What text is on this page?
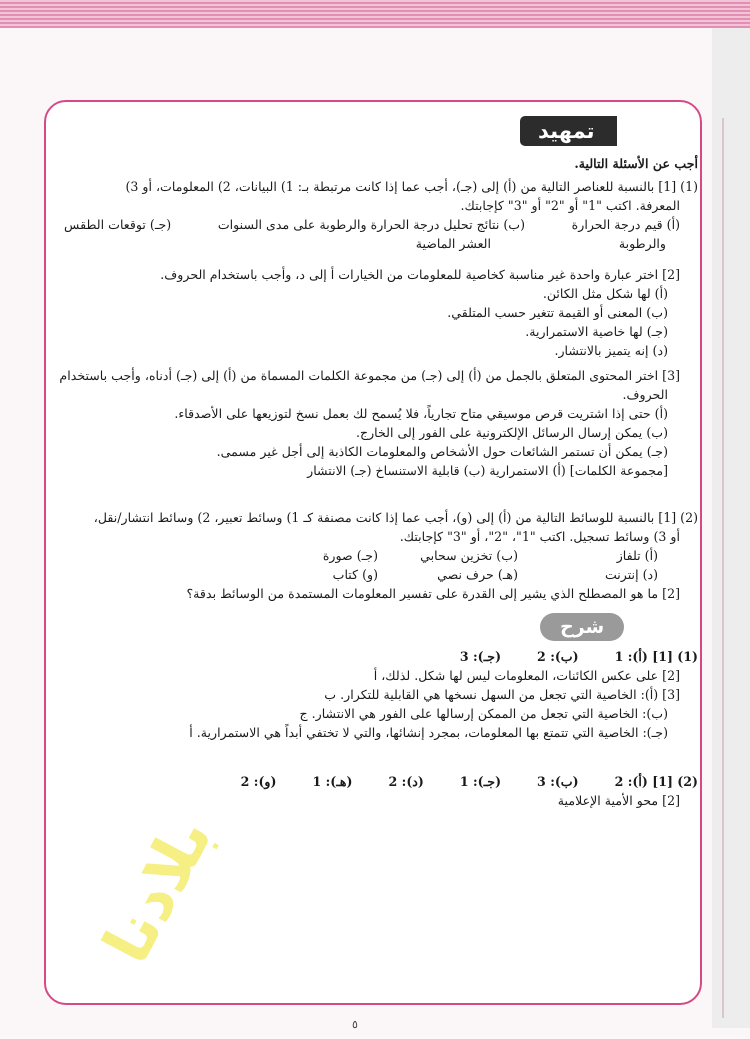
تمهيد

أجب عن الأسئلة التالية.

(1) [1] بالنسبة للعناصر التالية من (أ) إلى (جـ)، أجب عما إذا كانت مرتبطة بـ: 1) البيانات، 2) المعلومات، أو 3)

المعرفة. اكتب "1" أو "2" أو "3" كإجابتك.

(أ) قيم درجة الحرارة
(ب) نتائج تحليل درجة الحرارة والرطوبة على مدى السنوات
(جـ) توقعات الطقس
والرطوبة
العشر الماضية

[2] اختر عبارة واحدة غير مناسبة كخاصية للمعلومات من الخيارات أ إلى د، وأجب باستخدام الحروف.

(أ) لها شكل مثل الكائن.

(ب) المعنى أو القيمة تتغير حسب المتلقي.

(جـ) لها خاصية الاستمرارية.

(د) إنه يتميز بالانتشار.

[3] اختر المحتوى المتعلق بالجمل من (أ) إلى (جـ) من مجموعة الكلمات المسماة من (أ) إلى (جـ) أدناه، وأجب باستخدام

الحروف.

(أ) حتى إذا اشتريت قرص موسيقي متاح تجارياً، فلا يُسمح لك بعمل نسخ لتوزيعها على الأصدقاء.

(ب) يمكن إرسال الرسائل الإلكترونية على الفور إلى الخارج.

(جـ) يمكن أن تستمر الشائعات حول الأشخاص والمعلومات الكاذبة إلى أجل غير مسمى.

[مجموعة الكلمات] (أ) الاستمرارية (ب) قابلية الاستنساخ (جـ) الانتشار

(2) [1] بالنسبة للوسائط التالية من (أ) إلى (و)، أجب عما إذا كانت مصنفة كـ 1) وسائط تعبير، 2) وسائط انتشار/نقل،

أو 3) وسائط تسجيل. اكتب "1"، "2"، أو "3" كإجابتك.

(أ) تلفاز
(ب) تخزين سحابي
(جـ) صورة
(د) إنترنت
(هـ) حرف نصي
(و) كتاب

[2] ما هو المصطلح الذي يشير إلى القدرة على تفسير المعلومات المستمدة من الوسائط بدقة؟

شرح
(1) [1] (أ): 1
(ب): 2
(جـ): 3

[2] على عكس الكائنات، المعلومات ليس لها شكل. لذلك، أ

[3] (أ): الخاصية التي تجعل من السهل نسخها هي القابلية للتكرار. ب

(ب): الخاصية التي تجعل من الممكن إرسالها على الفور هي الانتشار. ج

(جـ): الخاصية التي تتمتع بها المعلومات، بمجرد إنشائها، والتي لا تختفي أبداً هي الاستمرارية. أ

(2) [1] (أ): 2
(ب): 3
(جـ): 1
(د): 2
(هـ): 1
(و): 2

[2] محو الأمية الإعلامية

بلادنا
٥
